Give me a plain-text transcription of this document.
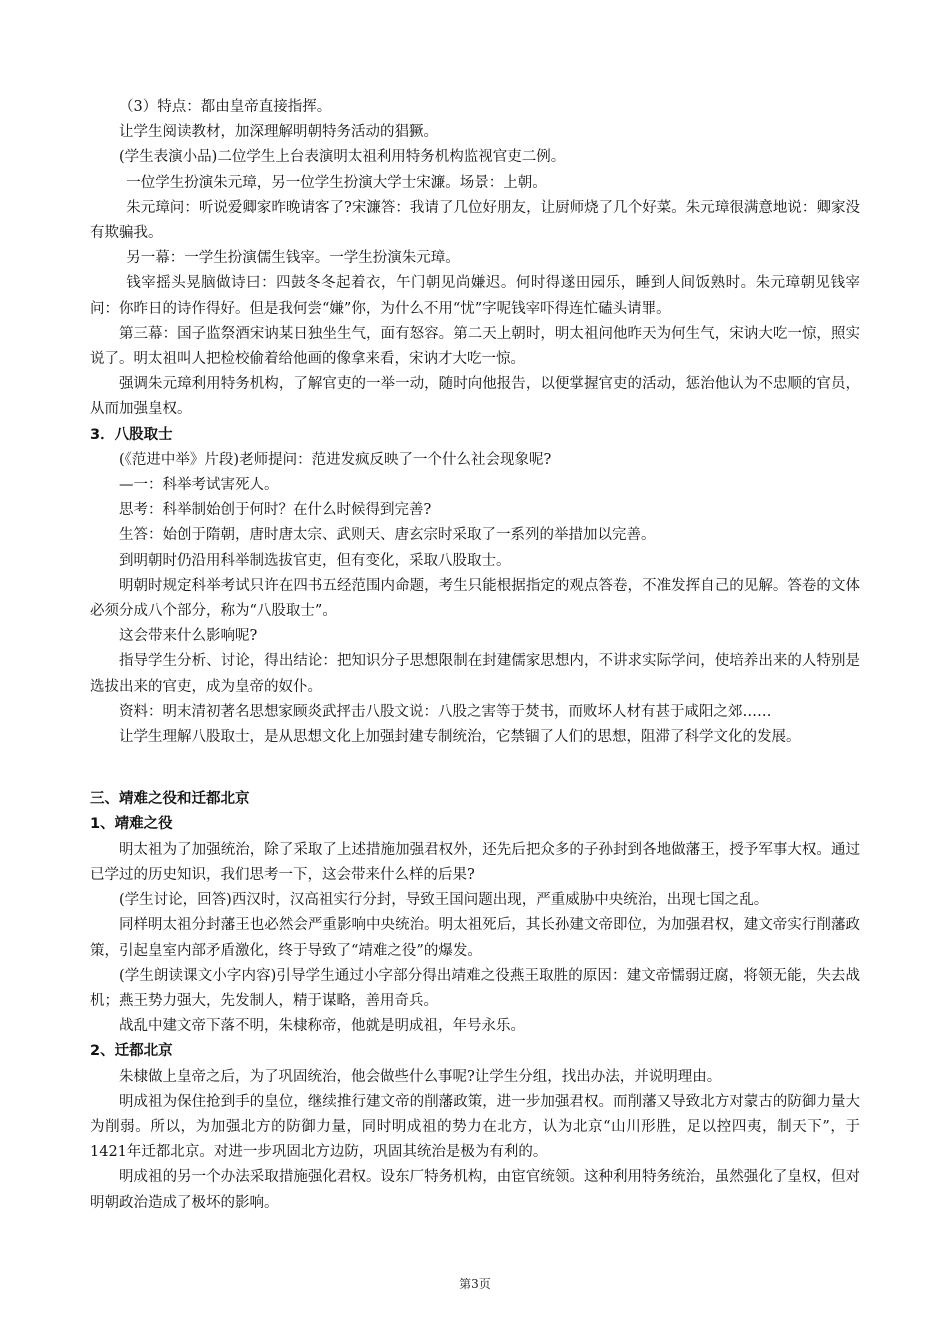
（3）特点：都由皇帝直接指挥。

让学生阅读教材，加深理解明朝特务活动的猖獗。

(学生表演小品)二位学生上台表演明太祖利用特务机构监视官吏二例。

一位学生扮演朱元璋，另一位学生扮演大学士宋濂。场景：上朝。

朱元璋问：听说爱卿家昨晚请客了?宋濂答：我请了几位好朋友，让厨师烧了几个好菜。朱元璋很满意地说：卿家没有欺骗我。

另一幕：一学生扮演儒生钱宰。一学生扮演朱元璋。

钱宰摇头晃脑做诗曰：四鼓冬冬起着衣，午门朝见尚嫌迟。何时得遂田园乐，睡到人间饭熟时。朱元璋朝见钱宰问：你昨日的诗作得好。但是我何尝“嫌”你，为什么不用“忧”字呢钱宰吓得连忙磕头请罪。

第三幕：国子监祭酒宋讷某日独坐生气，面有怒容。第二天上朝时，明太祖问他昨天为何生气，宋讷大吃一惊，照实说了。明太祖叫人把检校偷着给他画的像拿来看，宋讷才大吃一惊。

强调朱元璋利用特务机构，了解官吏的一举一动，随时向他报告，以便掌握官吏的活动，惩治他认为不忠顺的官员，从而加强皇权。

3．八股取士

(《范进中举》片段)老师提问：范进发疯反映了一个什么社会现象呢?

—一：科举考试害死人。

思考：科举制始创于何时？在什么时候得到完善?

生答：始创于隋朝，唐时唐太宗、武则天、唐玄宗时采取了一系列的举措加以完善。

到明朝时仍沿用科举制选拔官吏，但有变化，采取八股取士。

明朝时规定科举考试只许在四书五经范围内命题，考生只能根据指定的观点答卷，不准发挥自己的见解。答卷的文体必须分成八个部分，称为“八股取士”。

这会带来什么影响呢?

指导学生分析、讨论，得出结论：把知识分子思想限制在封建儒家思想内，不讲求实际学问，使培养出来的人特别是选拔出来的官吏，成为皇帝的奴仆。

资料：明末清初著名思想家顾炎武抨击八股文说：八股之害等于焚书，而败坏人材有甚于咸阳之郊……

让学生理解八股取士，是从思想文化上加强封建专制统治，它禁锢了人们的思想，阻滞了科学文化的发展。

三、靖难之役和迁都北京

1、靖难之役

明太祖为了加强统治，除了采取了上述措施加强君权外，还先后把众多的子孙封到各地做藩王，授予军事大权。通过已学过的历史知识，我们思考一下，这会带来什么样的后果?

(学生讨论，回答)西汉时，汉高祖实行分封，导致王国问题出现，严重威胁中央统治，出现七国之乱。

同样明太祖分封藩王也必然会严重影响中央统治。明太祖死后，其长孙建文帝即位，为加强君权，建文帝实行削藩政策，引起皇室内部矛盾激化，终于导致了“靖难之役”的爆发。

(学生朗读课文小字内容)引导学生通过小字部分得出靖难之役燕王取胜的原因：建文帝懦弱迂腐，将领无能，失去战机；燕王势力强大，先发制人，精于谋略，善用奇兵。

战乱中建文帝下落不明，朱棣称帝，他就是明成祖，年号永乐。

2、迁都北京

朱棣做上皇帝之后，为了巩固统治，他会做些什么事呢?让学生分组，找出办法，并说明理由。

明成祖为保住抢到手的皇位，继续推行建文帝的削藩政策，进一步加强君权。而削藩又导致北方对蒙古的防御力量大为削弱。所以，为加强北方的防御力量，同时明成祖的势力在北方，认为北京“山川形胜，足以控四夷，制天下”，于1421年迁都北京。对进一步巩固北方边防，巩固其统治是极为有利的。

明成祖的另一个办法采取措施强化君权。设东厂特务机构，由宦官统领。这种利用特务统治，虽然强化了皇权，但对明朝政治造成了极坏的影响。

第3页
